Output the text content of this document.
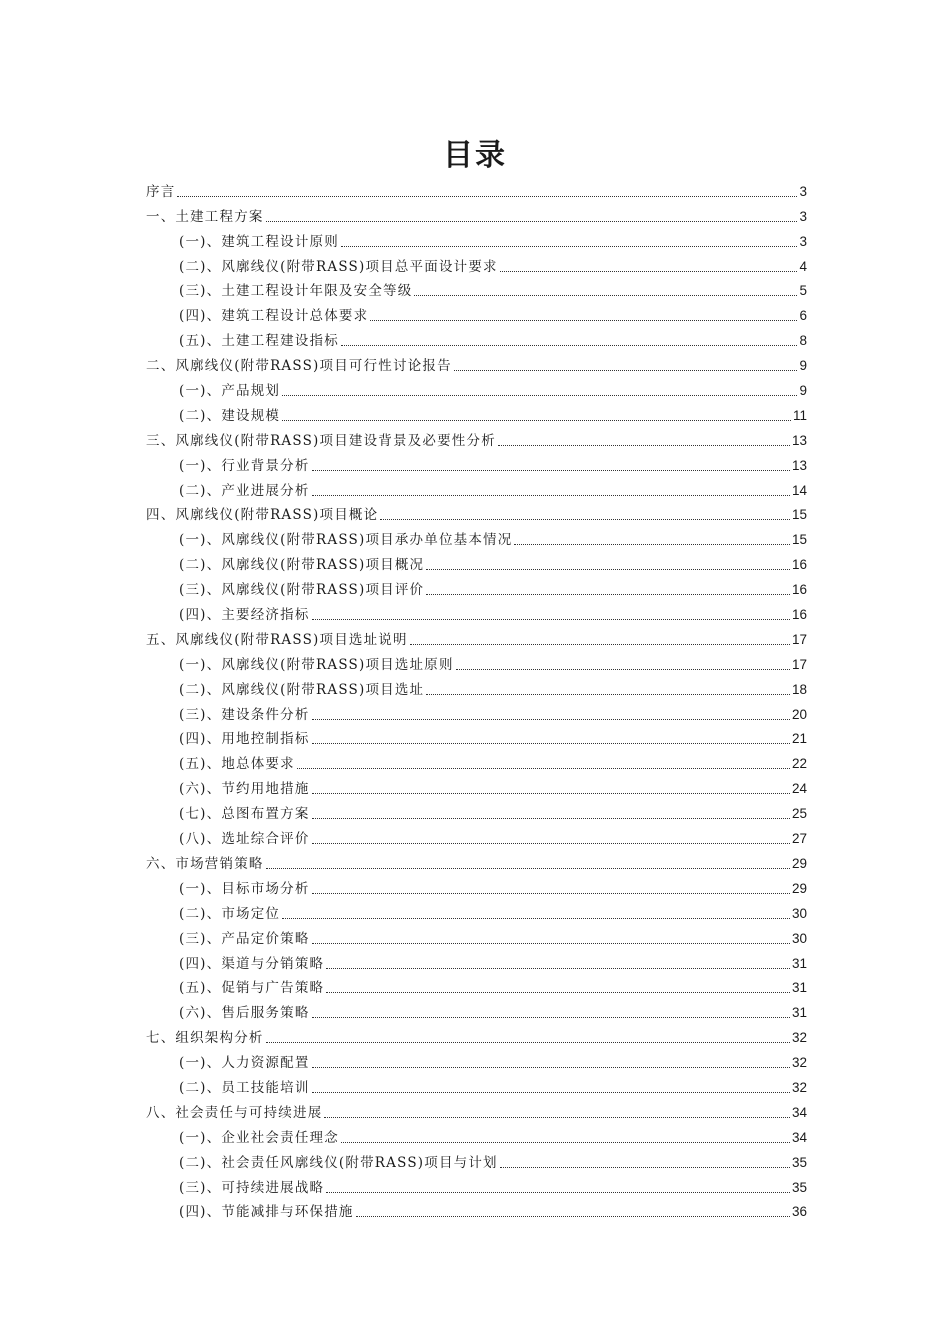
目录
序言	3
一、土建工程方案	3
(一)、建筑工程设计原则	3
(二)、风廓线仪(附带RASS)项目总平面设计要求	4
(三)、土建工程设计年限及安全等级	5
(四)、建筑工程设计总体要求	6
(五)、土建工程建设指标	8
二、风廓线仪(附带RASS)项目可行性讨论报告	9
(一)、产品规划	9
(二)、建设规模	11
三、风廓线仪(附带RASS)项目建设背景及必要性分析	13
(一)、行业背景分析	13
(二)、产业进展分析	14
四、风廓线仪(附带RASS)项目概论	15
(一)、风廓线仪(附带RASS)项目承办单位基本情况	15
(二)、风廓线仪(附带RASS)项目概况	16
(三)、风廓线仪(附带RASS)项目评价	16
(四)、主要经济指标	16
五、风廓线仪(附带RASS)项目选址说明	17
(一)、风廓线仪(附带RASS)项目选址原则	17
(二)、风廓线仪(附带RASS)项目选址	18
(三)、建设条件分析	20
(四)、用地控制指标	21
(五)、地总体要求	22
(六)、节约用地措施	24
(七)、总图布置方案	25
(八)、选址综合评价	27
六、市场营销策略	29
(一)、目标市场分析	29
(二)、市场定位	30
(三)、产品定价策略	30
(四)、渠道与分销策略	31
(五)、促销与广告策略	31
(六)、售后服务策略	31
七、组织架构分析	32
(一)、人力资源配置	32
(二)、员工技能培训	32
八、社会责任与可持续进展	34
(一)、企业社会责任理念	34
(二)、社会责任风廓线仪(附带RASS)项目与计划	35
(三)、可持续进展战略	35
(四)、节能减排与环保措施	36
